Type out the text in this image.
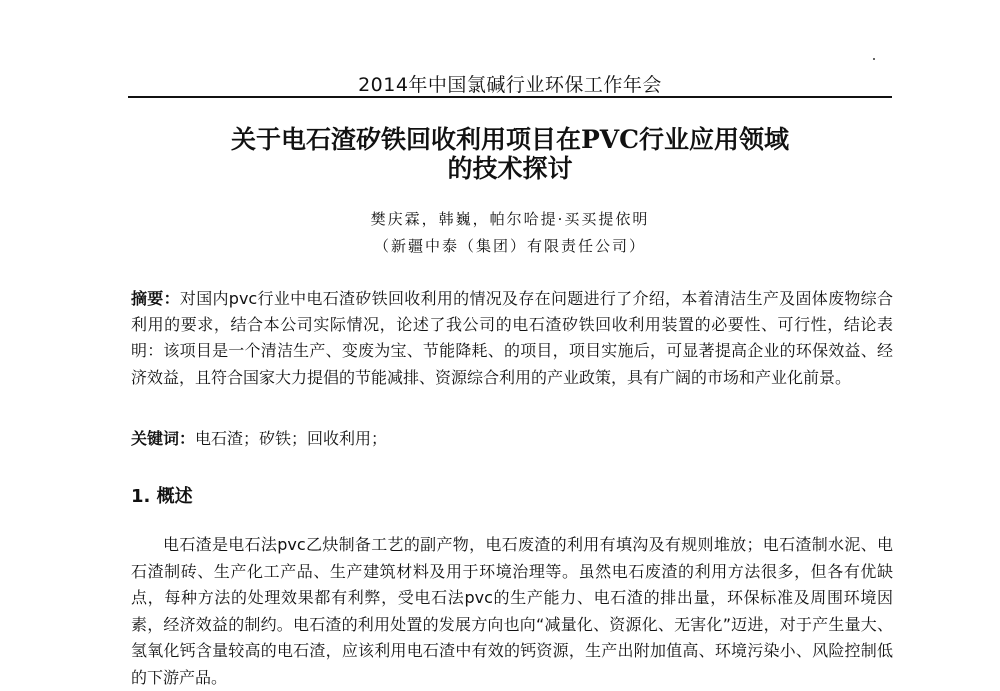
2014年中国氯碱行业环保工作年会
关于电石渣矽铁回收利用项目在PVC行业应用领域
的技术探讨
樊庆霖，韩巍，帕尔哈提·买买提依明
（新疆中泰（集团）有限责任公司）

摘要：对国内pvc行业中电石渣矽铁回收利用的情况及存在问题进行了介绍，本着清洁生产及固体废物综合利用的要求，结合本公司实际情况，论述了我公司的电石渣矽铁回收利用装置的必要性、可行性，结论表明：该项目是一个清洁生产、变废为宝、节能降耗、的项目，项目实施后，可显著提高企业的环保效益、经济效益，且符合国家大力提倡的节能减排、资源综合利用的产业政策，具有广阔的市场和产业化前景。

关键词：电石渣；矽铁；回收利用；
1. 概述

电石渣是电石法pvc乙炔制备工艺的副产物，电石废渣的利用有填沟及有规则堆放；电石渣制水泥、电石渣制砖、生产化工产品、生产建筑材料及用于环境治理等。虽然电石废渣的利用方法很多，但各有优缺点，每种方法的处理效果都有利弊，受电石法pvc的生产能力、电石渣的排出量，环保标准及周围环境因素，经济效益的制约。电石渣的利用处置的发展方向也向“减量化、资源化、无害化”迈进，对于产生量大、氢氧化钙含量较高的电石渣，应该利用电石渣中有效的钙资源，生产出附加值高、环境污染小、风险控制低的下游产品。
